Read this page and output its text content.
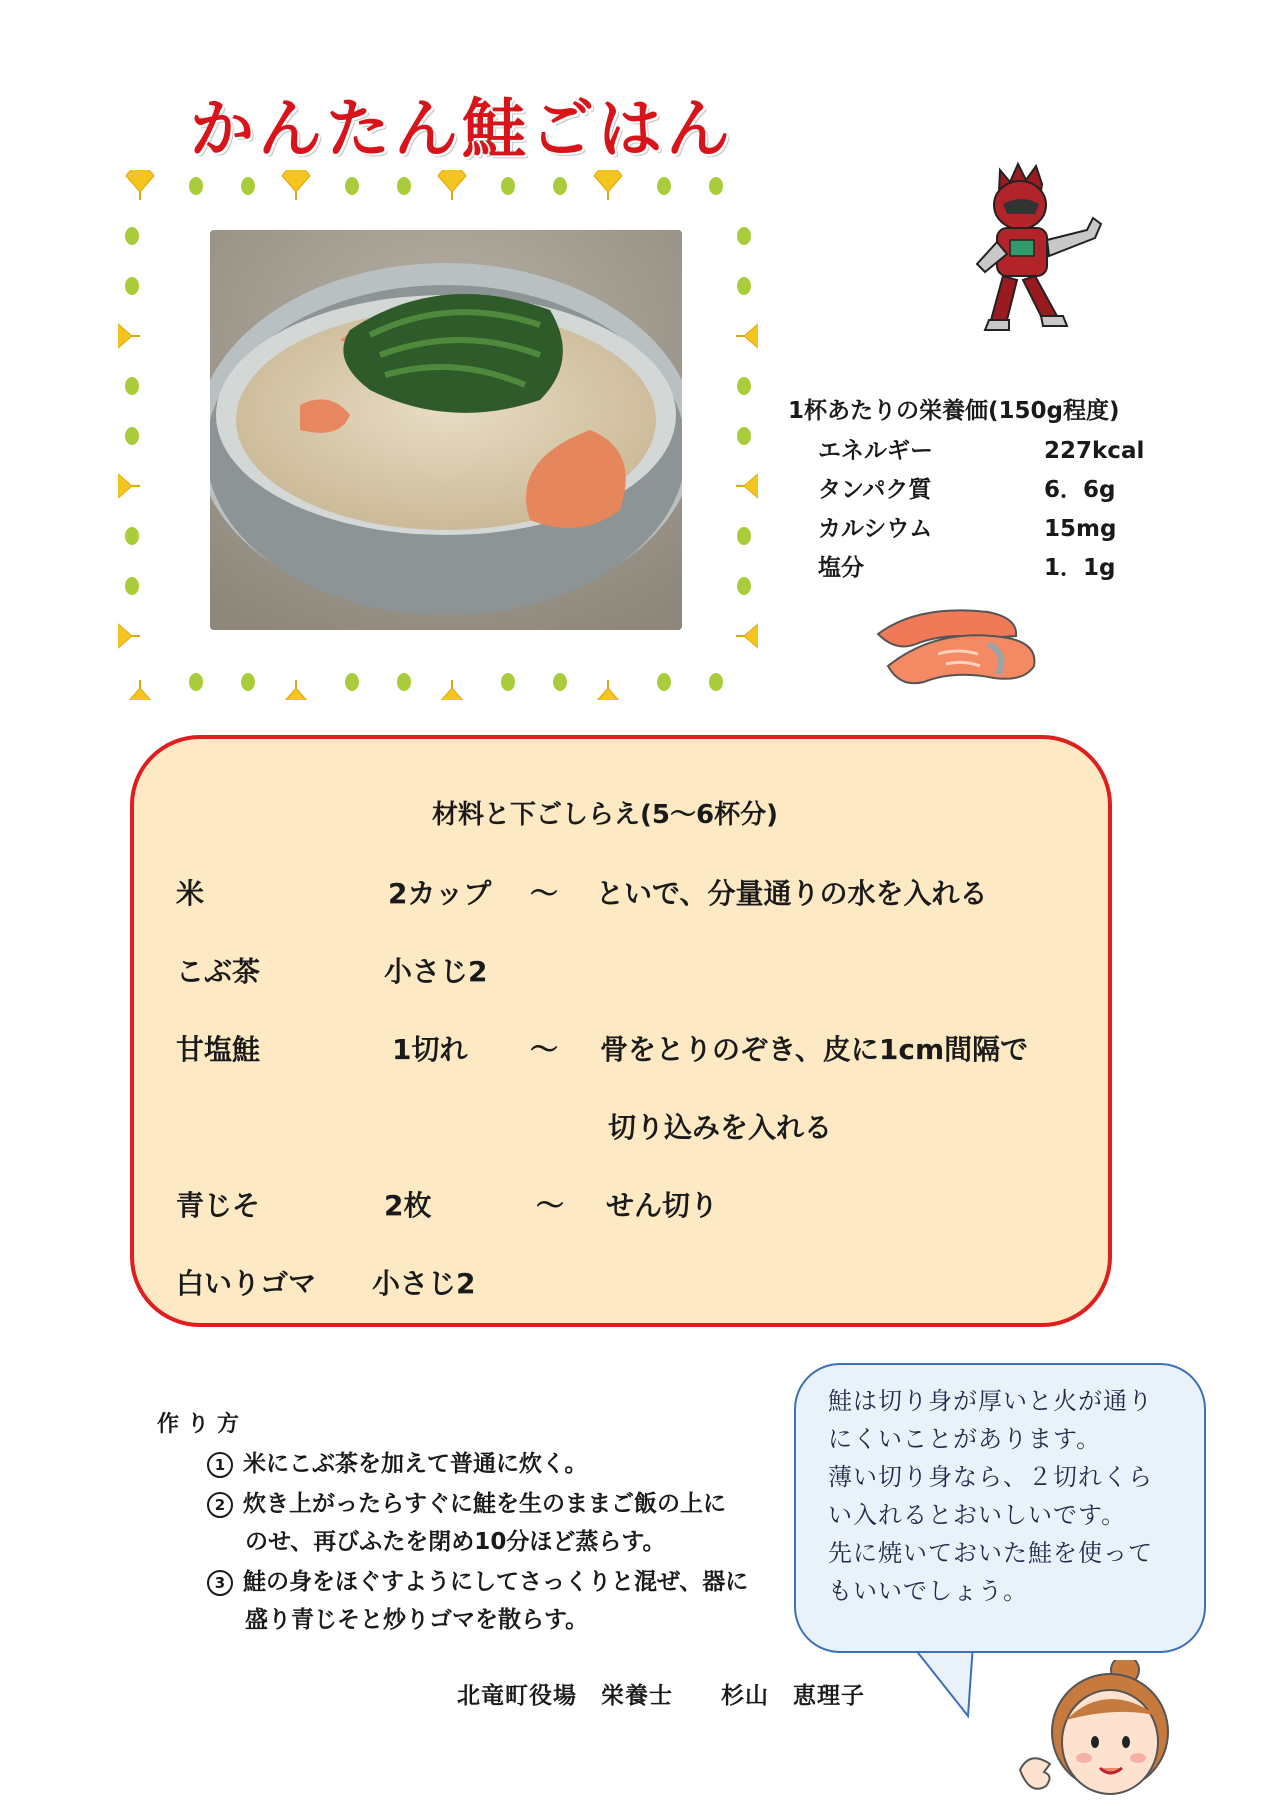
かんたん鮭ごはん
1杯あたりの栄養価(150g程度)
エネルギー	227kcal
タンパク質	6．6g
カルシウム	15mg
塩分	1．1g
材料と下ごしらえ(5～6杯分)
米	2カップ ～ といで、分量通りの水を入れる
こぶ茶	小さじ2
甘塩鮭	1切れ ～ 骨をとりのぞき、皮に1cm間隔で
切り込みを入れる
青じそ	2枚	～ せん切り
白いりゴマ 小さじ2
作り方
1 米にこぶ茶を加えて普通に炊く。
2 炊き上がったらすぐに鮭を生のままご飯の上に
のせ、再びふたを閉め10分ほど蒸らす。
3 鮭の身をほぐすようにしてさっくりと混ぜ、器に
盛り青じそと炒りゴマを散らす。
鮭は切り身が厚いと火が通り
にくいことがあります。
薄い切り身なら、２切れくら
い入れるとおいしいです。
先に焼いておいた鮭を使って
もいいでしょう。
北竜町役場　栄養士　　杉山　恵理子
